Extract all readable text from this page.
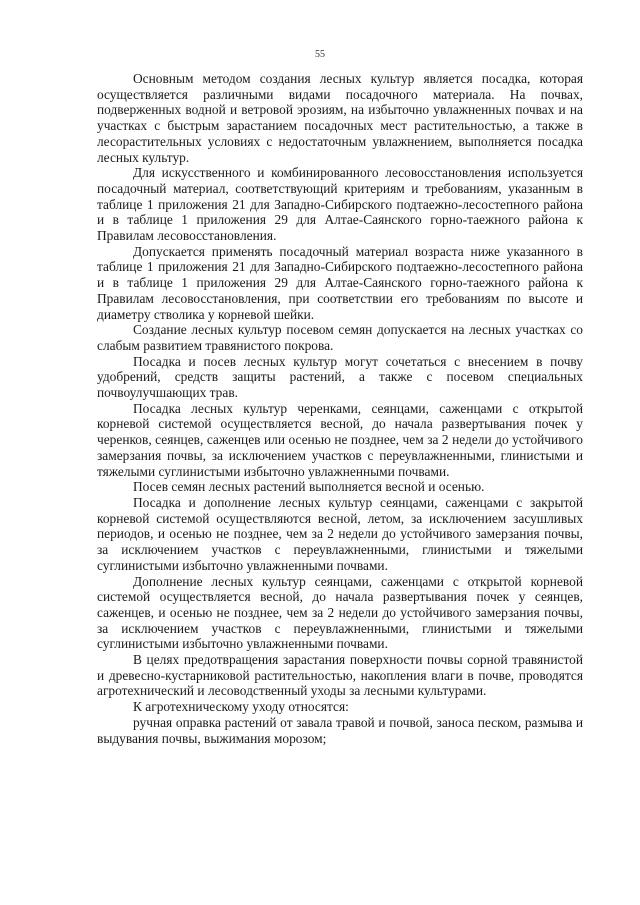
55

Основным методом создания лесных культур является посадка, которая осуществляется различными видами посадочного материала. На почвах, подверженных водной и ветровой эрозиям, на избыточно увлажненных почвах и на участках с быстрым зарастанием посадочных мест растительностью, а также в лесорастительных условиях с недостаточным увлажнением, выполняется посадка лесных культур.

Для искусственного и комбинированного лесовосстановления используется посадочный материал, соответствующий критериям и требованиям, указанным в таблице 1 приложения 21 для Западно-Сибирского подтаежно-лесостепного района и в таблице 1 приложения 29 для Алтае-Саянского горно-таежного района к Правилам лесовосстановления.

Допускается применять посадочный материал возраста ниже указанного в таблице 1 приложения 21 для Западно-Сибирского подтаежно-лесостепного района и в таблице 1 приложения 29 для Алтае-Саянского горно-таежного района к Правилам лесовосстановления, при соответствии его требованиям по высоте и диаметру стволика у корневой шейки.

Создание лесных культур посевом семян допускается на лесных участках со слабым развитием травянистого покрова.

Посадка и посев лесных культур могут сочетаться с внесением в почву удобрений, средств защиты растений, а также с посевом специальных почвоулучшающих трав.

Посадка лесных культур черенками, сеянцами, саженцами с открытой корневой системой осуществляется весной, до начала развертывания почек у черенков, сеянцев, саженцев или осенью не позднее, чем за 2 недели до устойчивого замерзания почвы, за исключением участков с переувлажненными, глинистыми и тяжелыми суглинистыми избыточно увлажненными почвами.

Посев семян лесных растений выполняется весной и осенью.

Посадка и дополнение лесных культур сеянцами, саженцами с закрытой корневой системой осуществляются весной, летом, за исключением засушливых периодов, и осенью не позднее, чем за 2 недели до устойчивого замерзания почвы, за исключением участков с переувлажненными, глинистыми и тяжелыми суглинистыми избыточно увлажненными почвами.

Дополнение лесных культур сеянцами, саженцами с открытой корневой системой осуществляется весной, до начала развертывания почек у сеянцев, саженцев, и осенью не позднее, чем за 2 недели до устойчивого замерзания почвы, за исключением участков с переувлажненными, глинистыми и тяжелыми суглинистыми избыточно увлажненными почвами.

В целях предотвращения зарастания поверхности почвы сорной травянистой и древесно-кустарниковой растительностью, накопления влаги в почве, проводятся агротехнический и лесоводственный уходы за лесными культурами.

К агротехническому уходу относятся:

ручная оправка растений от завала травой и почвой, заноса песком, размыва и выдувания почвы, выжимания морозом;
